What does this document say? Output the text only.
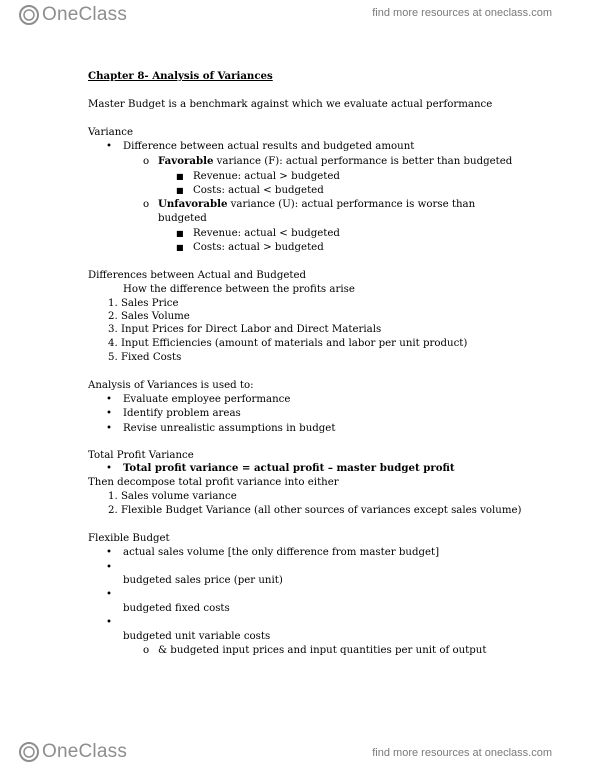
OneClass	find more resources at oneclass.com
Chapter 8- Analysis of Variances
Master Budget is a benchmark against which we evaluate actual performance
Variance
• Difference between actual results and budgeted amount
o Favorable variance (F): actual performance is better than budgeted
■ Revenue: actual > budgeted
■ Costs: actual < budgeted
o Unfavorable variance (U): actual performance is worse than
budgeted
■ Revenue: actual < budgeted
■ Costs: actual > budgeted
Differences between Actual and Budgeted
How the difference between the profits arise
1. Sales Price
2. Sales Volume
3. Input Prices for Direct Labor and Direct Materials
4. Input Efficiencies (amount of materials and labor per unit product)
5. Fixed Costs
Analysis of Variances is used to:
• Evaluate employee performance
• Identify problem areas
• Revise unrealistic assumptions in budget
Total Profit Variance
• Total profit variance = actual profit – master budget profit
Then decompose total profit variance into either
1. Sales volume variance
2. Flexible Budget Variance (all other sources of variances except sales volume)
Flexible Budget
• actual sales volume [the only difference from master budget]
•
budgeted sales price (per unit)
•
budgeted fixed costs
•
budgeted unit variable costs
o & budgeted input prices and input quantities per unit of output
OneClass	find more resources at oneclass.com
